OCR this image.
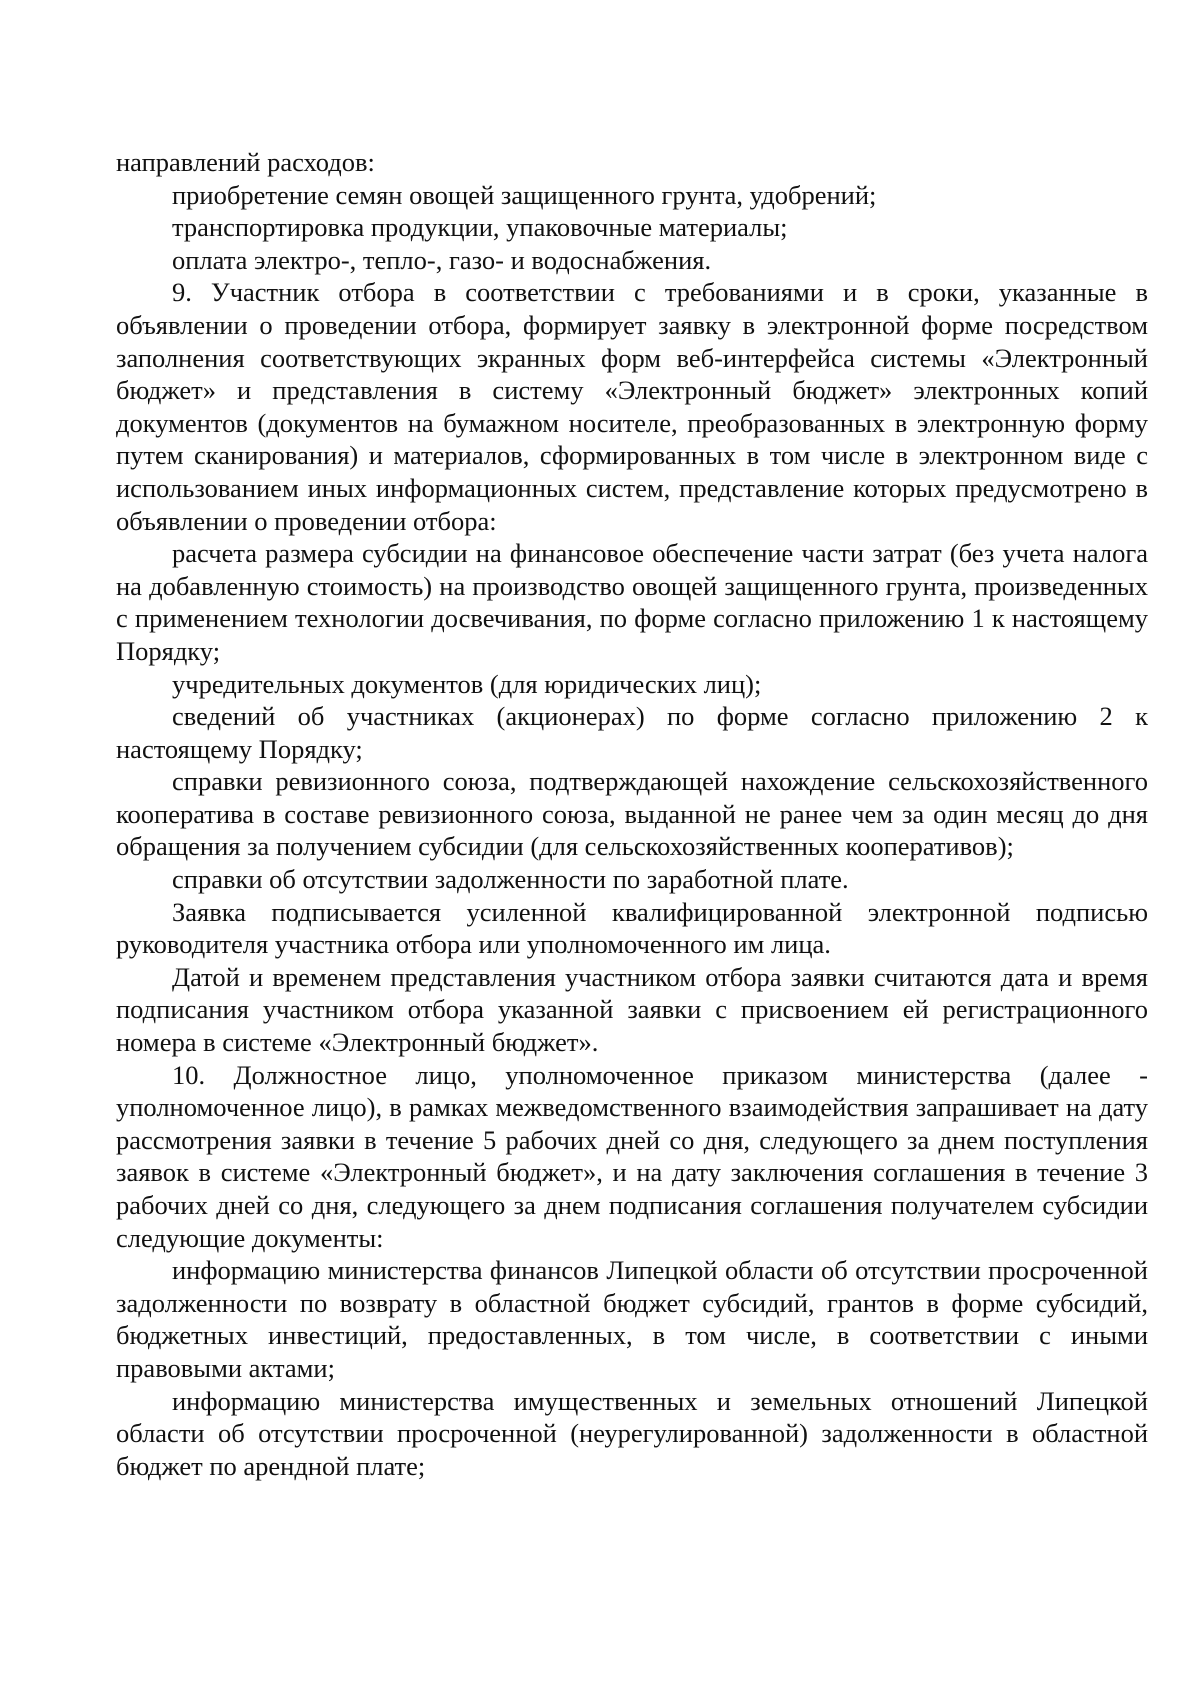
направлений расходов:

приобретение семян овощей защищенного грунта, удобрений;

транспортировка продукции, упаковочные материалы;

оплата электро-, тепло-, газо- и водоснабжения.

9. Участник отбора в соответствии с требованиями и в сроки, указанные в объявлении о проведении отбора, формирует заявку в электронной форме посредством заполнения соответствующих экранных форм веб-интерфейса системы «Электронный бюджет» и представления в систему «Электронный бюджет» электронных копий документов (документов на бумажном носителе, преобразованных в электронную форму путем сканирования) и материалов, сформированных в том числе в электронном виде с использованием иных информационных систем, представление которых предусмотрено в объявлении о проведении отбора:

расчета размера субсидии на финансовое обеспечение части затрат (без учета налога на добавленную стоимость) на производство овощей защищенного грунта, произведенных с применением технологии досвечивания, по форме согласно приложению 1 к настоящему Порядку;

учредительных документов (для юридических лиц);

сведений об участниках (акционерах) по форме согласно приложению 2 к настоящему Порядку;

справки ревизионного союза, подтверждающей нахождение сельскохозяйственного кооператива в составе ревизионного союза, выданной не ранее чем за один месяц до дня обращения за получением субсидии (для сельскохозяйственных кооперативов);

справки об отсутствии задолженности по заработной плате.

Заявка подписывается усиленной квалифицированной электронной подписью руководителя участника отбора или уполномоченного им лица.

Датой и временем представления участником отбора заявки считаются дата и время подписания участником отбора указанной заявки с присвоением ей регистрационного номера в системе «Электронный бюджет».

10. Должностное лицо, уполномоченное приказом министерства (далее - уполномоченное лицо), в рамках межведомственного взаимодействия запрашивает на дату рассмотрения заявки в течение 5 рабочих дней со дня, следующего за днем поступления заявок в системе «Электронный бюджет», и на дату заключения соглашения в течение 3 рабочих дней со дня, следующего за днем подписания соглашения получателем субсидии следующие документы:

информацию министерства финансов Липецкой области об отсутствии просроченной задолженности по возврату в областной бюджет субсидий, грантов в форме субсидий, бюджетных инвестиций, предоставленных, в том числе, в соответствии с иными правовыми актами;

информацию министерства имущественных и земельных отношений Липецкой области об отсутствии просроченной (неурегулированной) задолженности в областной бюджет по арендной плате;
